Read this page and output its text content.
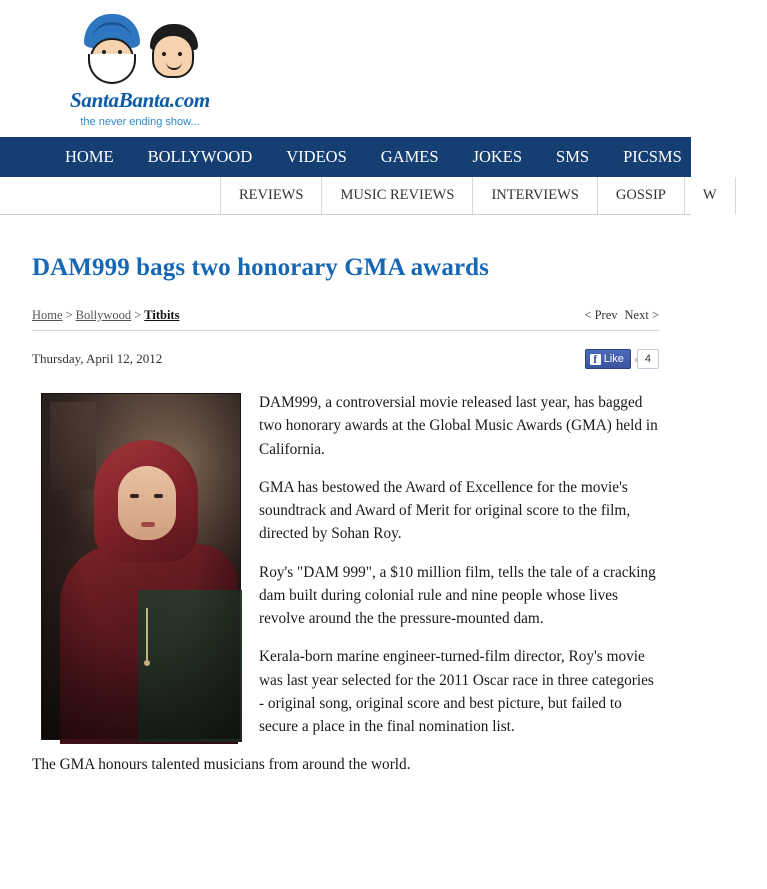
SantaBanta.com
the never ending show...
HOME	BOLLYWOOD	VIDEOS	GAMES	JOKES	SMS	PICSMS	GAL
REVIEWS	MUSIC REVIEWS	INTERVIEWS	GOSSIP	W
DAM999 bags two honorary GMA awards
Home > Bollywood > Titbits	< Prev Next >
Thursday, April 12, 2012	f Like	4

DAM999, a controversial movie released last year, has bagged two honorary awards at the Global Music Awards (GMA) held in California.

GMA has bestowed the Award of Excellence for the movie's soundtrack and Award of Merit for original score to the film, directed by Sohan Roy.

Roy's "DAM 999", a $10 million film, tells the tale of a cracking dam built during colonial rule and nine people whose lives revolve around the the pressure-mounted dam.

Kerala-born marine engineer-turned-film director, Roy's movie was last year selected for the 2011 Oscar race in three categories - original song, original score and best picture, but failed to secure a place in the final nomination list.

The GMA honours talented musicians from around the world.
